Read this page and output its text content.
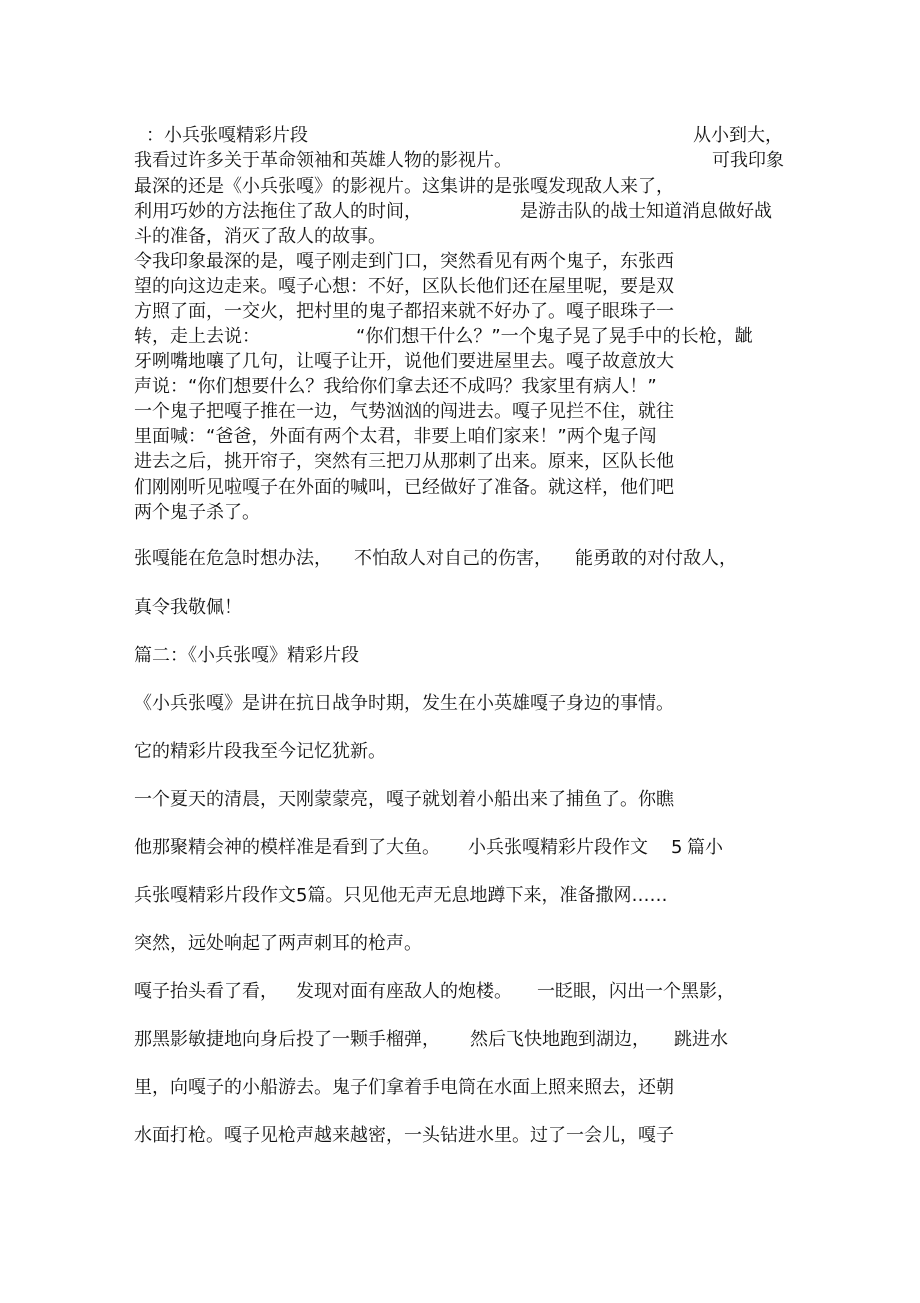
：小兵张嘎精彩片段	从小到大，
我看过许多关于革命领袖和英雄人物的影视片。	可我印象
最深的还是《小兵张嘎》的影视片。这集讲的是张嘎发现敌人来了，
利用巧妙的方法拖住了敌人的时间，	是游击队的战士知道消息做好战
斗的准备，消灭了敌人的故事。
令我印象最深的是，嘎子刚走到门口，突然看见有两个鬼子，东张西
望的向这边走来。嘎子心想：不好，区队长他们还在屋里呢，要是双
方照了面，一交火，把村里的鬼子都招来就不好办了。嘎子眼珠子一
转，走上去说：	“你们想干什么？”一个鬼子晃了晃手中的长枪，龇
牙咧嘴地嚷了几句，让嘎子让开，说他们要进屋里去。嘎子故意放大
声说：“你们想要什么？我给你们拿去还不成吗？我家里有病人！”
一个鬼子把嘎子推在一边，气势汹汹的闯进去。嘎子见拦不住，就往
里面喊：“爸爸，外面有两个太君，非要上咱们家来！”两个鬼子闯
进去之后，挑开帘子，突然有三把刀从那刺了出来。原来，区队长他
们刚刚听见啦嘎子在外面的喊叫，已经做好了准备。就这样，他们吧
两个鬼子杀了。
张嘎能在危急时想办法， 不怕敌人对自己的伤害， 能勇敢的对付敌人，
真令我敬佩！
篇二：《小兵张嘎》精彩片段
《小兵张嘎》是讲在抗日战争时期，发生在小英雄嘎子身边的事情。
它的精彩片段我至今记忆犹新。
一个夏天的清晨，天刚蒙蒙亮，嘎子就划着小船出来了捕鱼了。你瞧
他那聚精会神的模样准是看到了大鱼。 小兵张嘎精彩片段作文 5 篇小
兵张嘎精彩片段作文5篇。只见他无声无息地蹲下来，准备撒网……
突然，远处响起了两声刺耳的枪声。
嘎子抬头看了看， 发现对面有座敌人的炮楼。 一眨眼，闪出一个黑影，
那黑影敏捷地向身后投了一颗手榴弹， 然后飞快地跑到湖边， 跳进水
里，向嘎子的小船游去。鬼子们拿着手电筒在水面上照来照去，还朝
水面打枪。嘎子见枪声越来越密，一头钻进水里。过了一会儿，嘎子
